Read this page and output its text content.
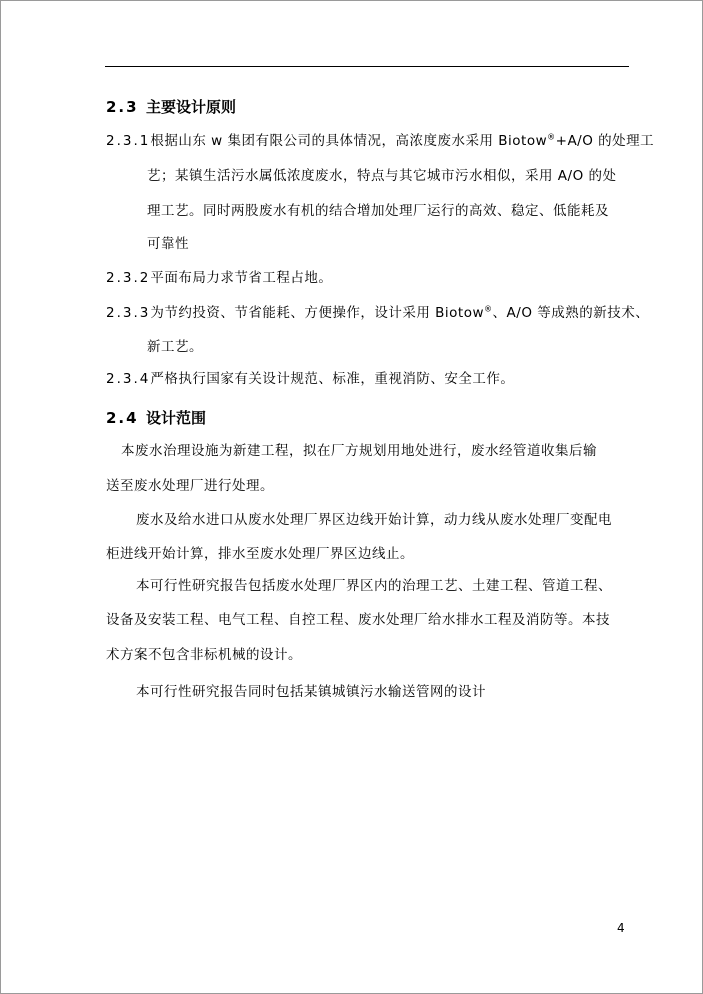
2.3 主要设计原则
2.3.1根据山东 w 集团有限公司的具体情况，高浓度废水采用 Biotow®+A/O 的处理工
艺；某镇生活污水属低浓度废水，特点与其它城市污水相似，采用 A/O 的处
理工艺。同时两股废水有机的结合增加处理厂运行的高效、稳定、低能耗及
可靠性
2.3.2平面布局力求节省工程占地。
2.3.3为节约投资、节省能耗、方便操作，设计采用 Biotow®、A/O 等成熟的新技术、
新工艺。
2.3.4严格执行国家有关设计规范、标准，重视消防、安全工作。
2.4 设计范围
本废水治理设施为新建工程，拟在厂方规划用地处进行，废水经管道收集后输
送至废水处理厂进行处理。
废水及给水进口从废水处理厂界区边线开始计算，动力线从废水处理厂变配电
柜进线开始计算，排水至废水处理厂界区边线止。
本可行性研究报告包括废水处理厂界区内的治理工艺、土建工程、管道工程、
设备及安装工程、电气工程、自控工程、废水处理厂给水排水工程及消防等。本技
术方案不包含非标机械的设计。
本可行性研究报告同时包括某镇城镇污水输送管网的设计
4
